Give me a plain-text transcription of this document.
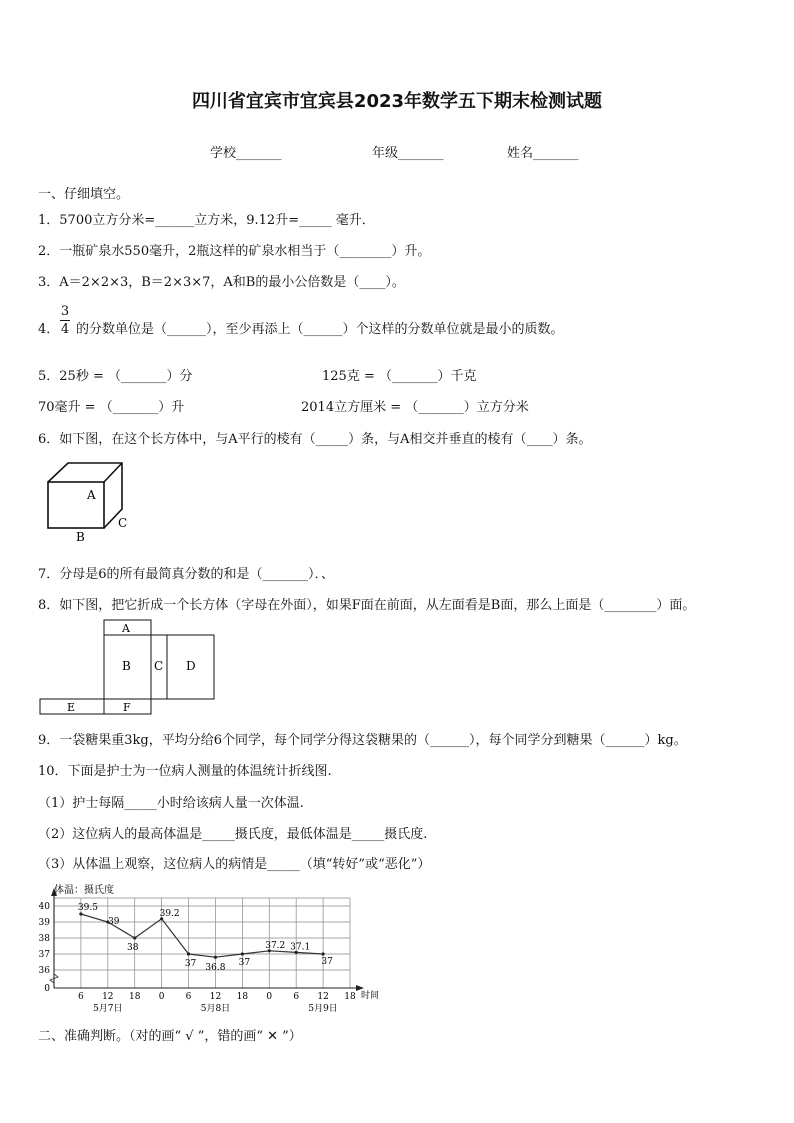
四川省宜宾市宜宾县2023年数学五下期末检测试题
学校_______	年级_______	姓名_______
一、仔细填空。
1．5700立方分米=______立方米，9.12升=_____ 毫升．
2．一瓶矿泉水550毫升，2瓶这样的矿泉水相当于（________）升。
3．A＝2×2×3，B＝2×3×7，A和B的最小公倍数是（____）。
4．
3
4 的分数单位是（______），至少再添上（______）个这样的分数单位就是最小的质数。
5．25秒 = （_______）分	125克 = （_______）千克
70毫升 = （_______）升	2014立方厘米 = （_______）立方分米
6．如下图，在这个长方体中，与A平行的棱有（_____）条，与A相交并垂直的棱有（____）条。
A
B
C
7．分母是6的所有最简真分数的和是（_______）．、
8．如下图，把它折成一个长方体（字母在外面），如果F面在前面，从左面看是B面，那么上面是（________）面。
A
B C D
E	F
9．一袋糖果重3kg，平均分给6个同学，每个同学分得这袋糖果的（______），每个同学分到糖果（______）kg。
10．下面是护士为一位病人测量的体温统计折线图.
（1）护士每隔_____小时给该病人量一次体温.
（2）这位病人的最高体温是_____摄氏度，最低体温是_____摄氏度.
（3）从体温上观察，这位病人的病情是_____（填“转好”或“恶化”）
0
36
37
38
39
40
6 12 18 0 6 12 18 0 6 12 18
5月7日	5月8日	5月9日
39.5
39
38
39.2
37 36.8
37
37.2 37.1
37
体温：摄氏度
时间
二、准确判断。（对的画“ √ ”，错的画“ ✕ ”）
